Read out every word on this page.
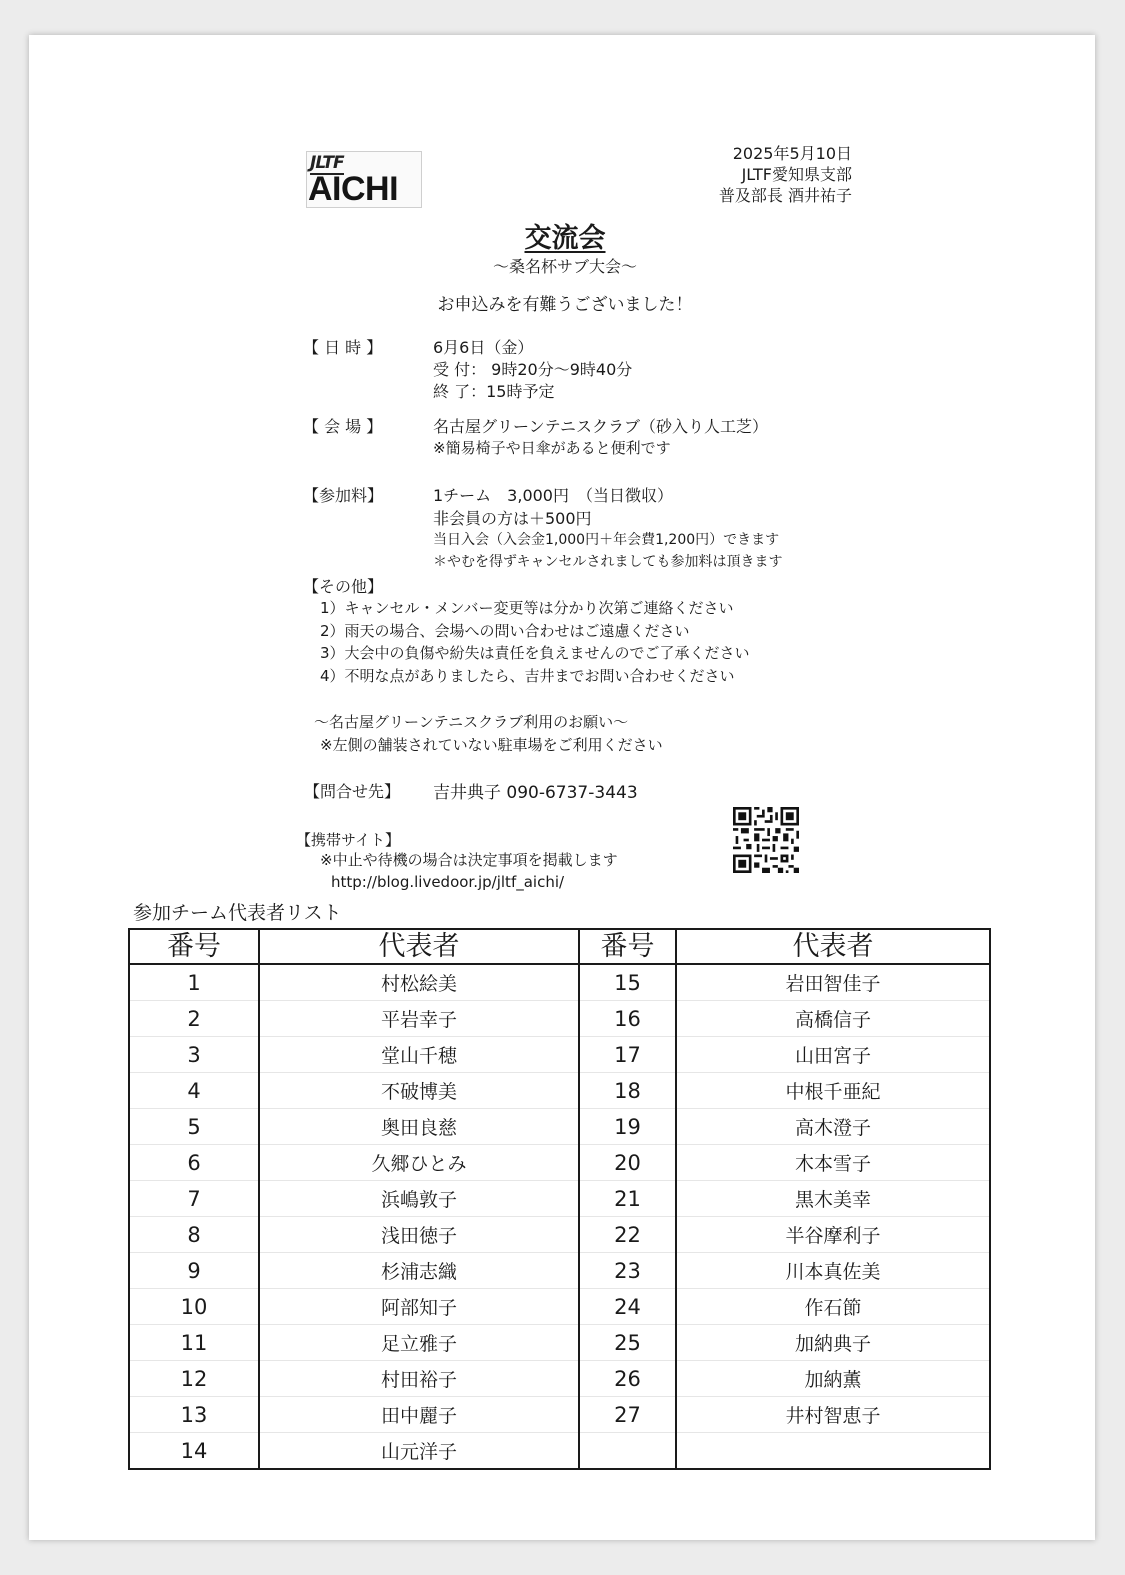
JLTF
AICHI
2025年5月10日
JLTF愛知県支部
普及部長 酒井祐子
交流会
～桑名杯サブ大会～
お申込みを有難うございました！
【 日 時 】	6月6日（金）
受 付： 9時20分～9時40分
終 了：15時予定
【 会 場 】	名古屋グリーンテニスクラブ（砂入り人工芝）
※簡易椅子や日傘があると便利です
【参加料】	1チーム　3,000円　（当日徴収）
非会員の方は＋500円
当日入会（入会金1,000円＋年会費1,200円）できます
＊やむを得ずキャンセルされましても参加料は頂きます
【その他】
1）キャンセル・メンバー変更等は分かり次第ご連絡ください
2）雨天の場合、会場への問い合わせはご遠慮ください
3）大会中の負傷や紛失は責任を負えませんのでご了承ください
4）不明な点がありましたら、吉井までお問い合わせください
～名古屋グリーンテニスクラブ利用のお願い～
※左側の舗装されていない駐車場をご利用ください
【問合せ先】 吉井典子 090-6737-3443
【携帯サイト】
※中止や待機の場合は決定事項を掲載します
http://blog.livedoor.jp/jltf_aichi/
参加チーム代表者リスト
番号	代表者	番号	代表者
1	村松絵美	15	岩田智佳子
2	平岩幸子	16	高橋信子
3	堂山千穂	17	山田宮子
4	不破博美	18	中根千亜紀
5	奥田良慈	19	高木澄子
6	久郷ひとみ	20	木本雪子
7	浜嶋敦子	21	黒木美幸
8	浅田徳子	22	半谷摩利子
9	杉浦志織	23	川本真佐美
10	阿部知子	24	作石節
11	足立雅子	25	加納典子
12	村田裕子	26	加納薫
13	田中麗子	27	井村智恵子
14	山元洋子		
